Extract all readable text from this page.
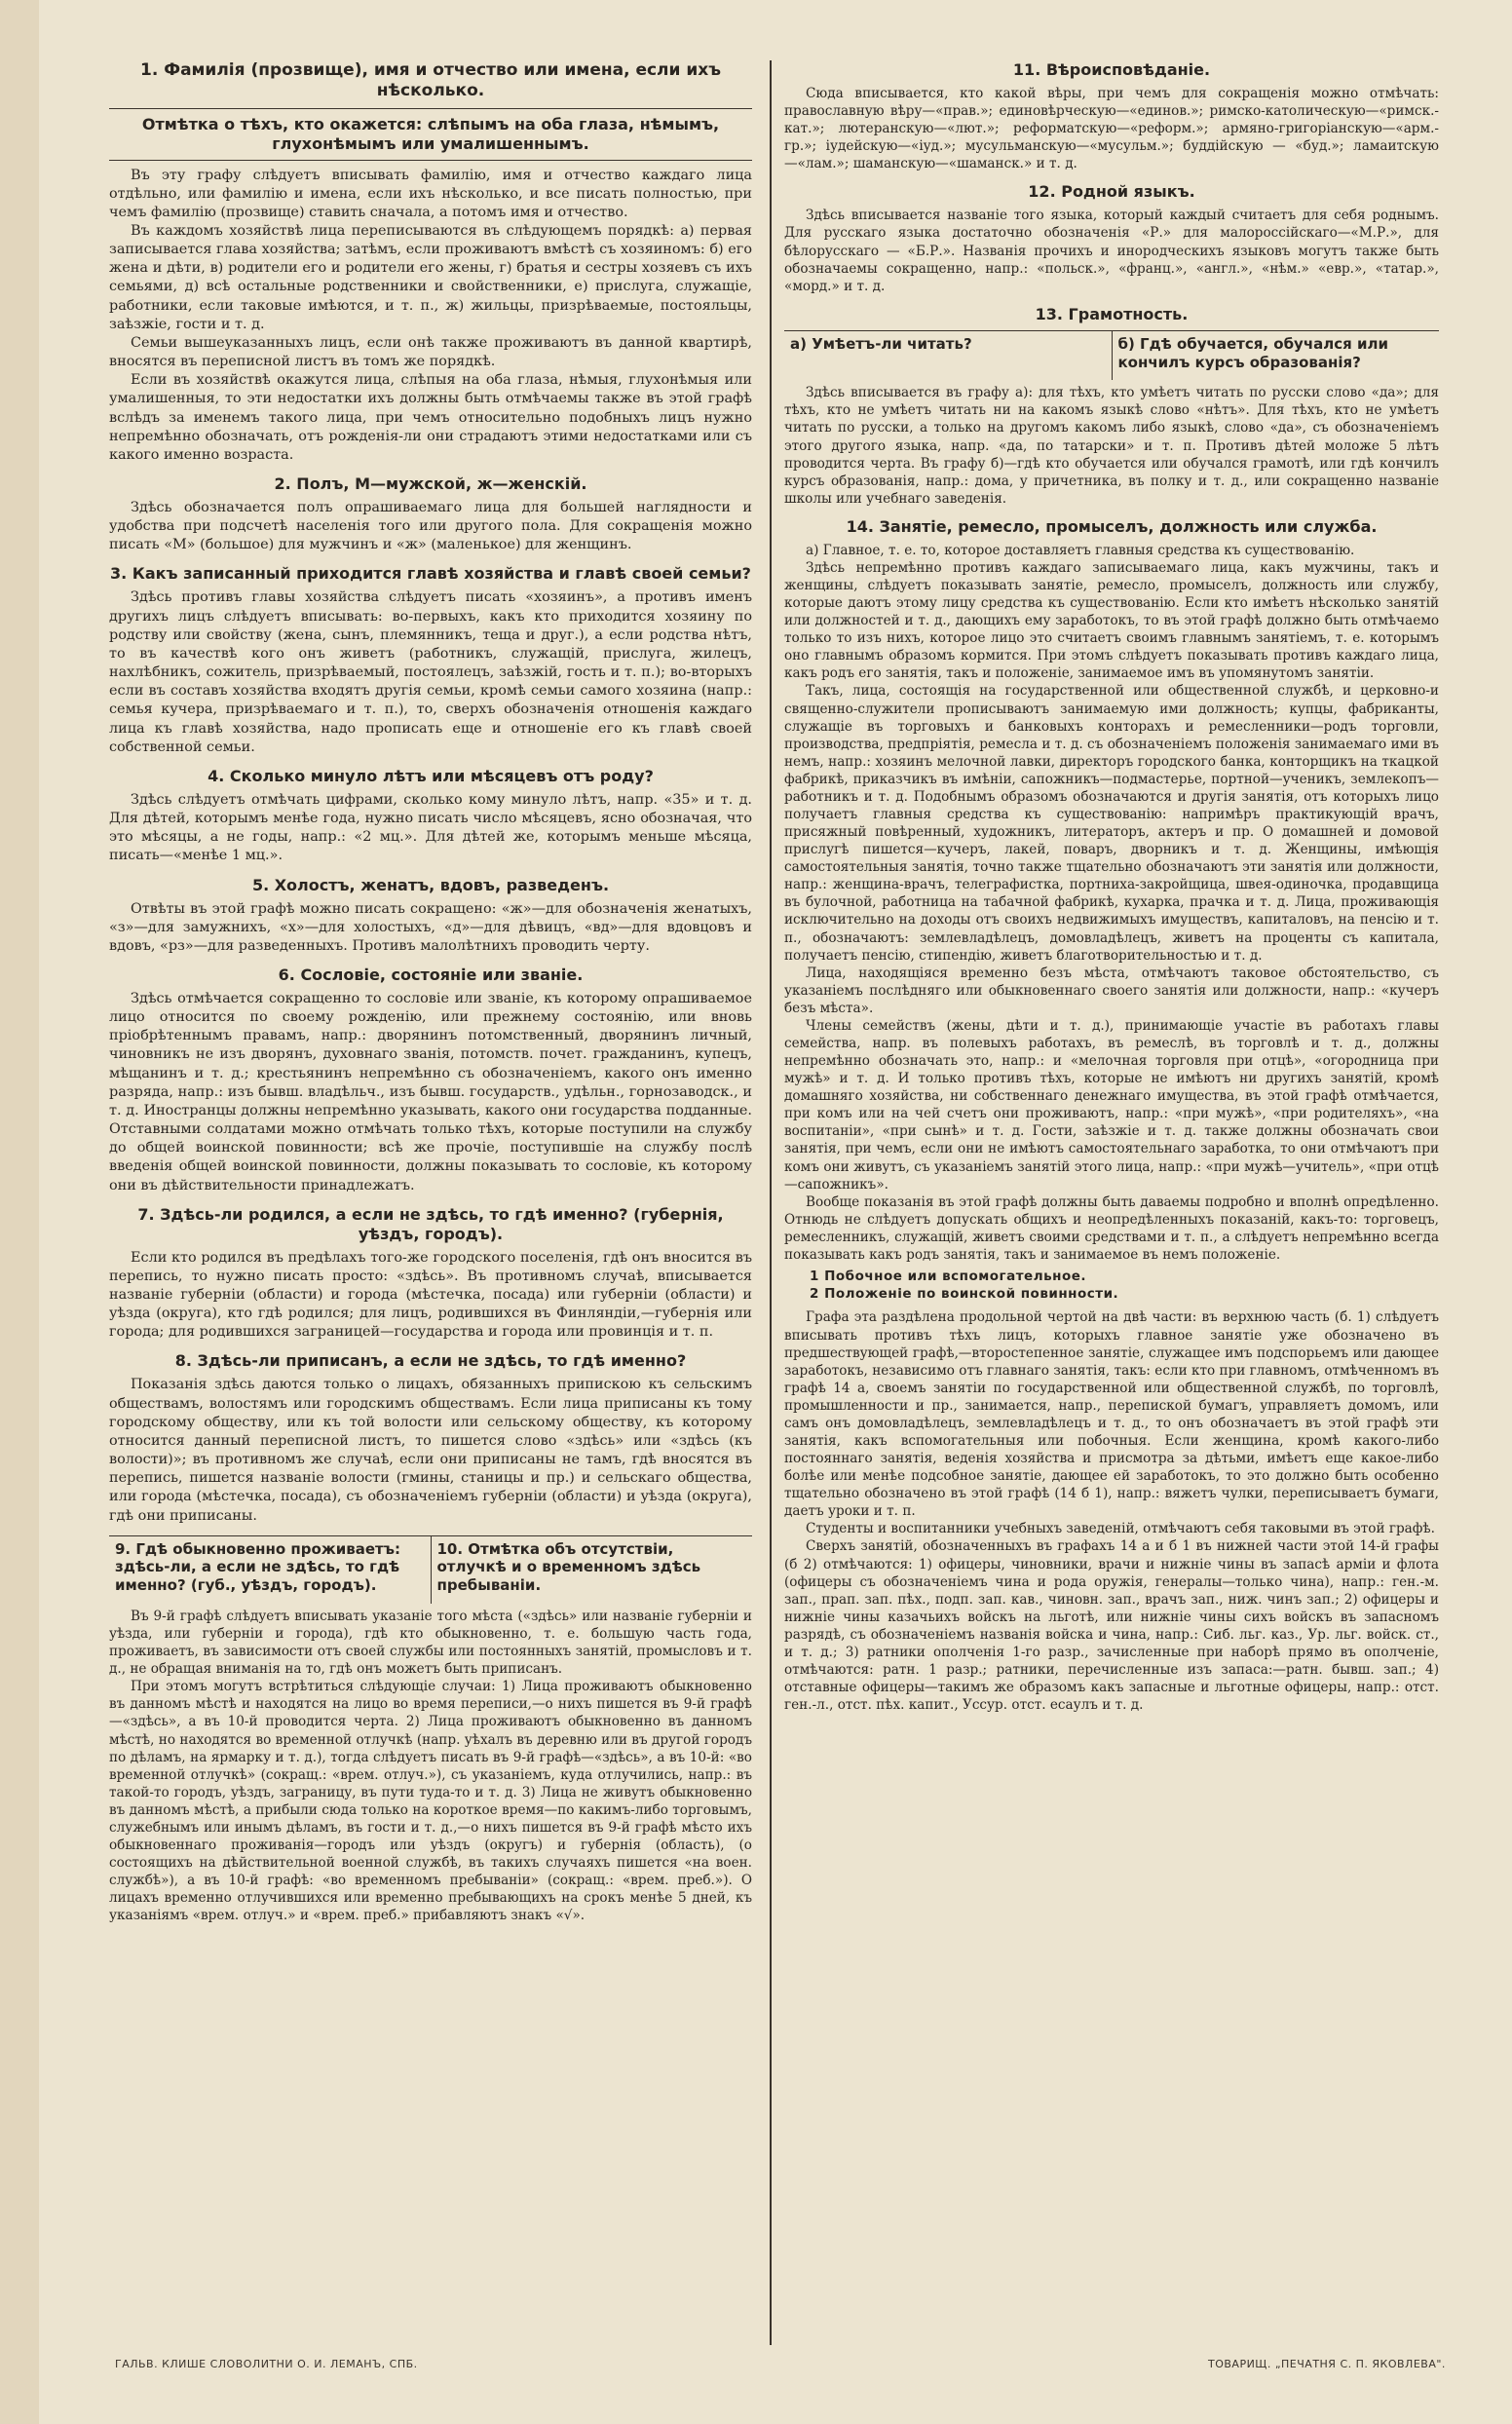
1. Фамилія (прозвище), имя и отчество или имена, если ихъ нѣсколько.
Отмѣтка о тѣхъ, кто окажется: слѣпымъ на оба глаза, нѣмымъ, глухонѣмымъ или умалишеннымъ.

Въ эту графу слѣдуетъ вписывать фамилію, имя и отчество каждаго лица отдѣльно, или фамилію и имена, если ихъ нѣсколько, и все писать полностью, при чемъ фамилію (прозвище) ставить сначала, а потомъ имя и отчество.

Въ каждомъ хозяйствѣ лица переписываются въ слѣдующемъ порядкѣ: а) первая записывается глава хозяйства; затѣмъ, если проживаютъ вмѣстѣ съ хозяиномъ: б) его жена и дѣти, в) родители его и родители его жены, г) братья и сестры хозяевъ съ ихъ семьями, д) всѣ остальные родственники и свойственники, е) прислуга, служащіе, работники, если таковые имѣются, и т. п., ж) жильцы, призрѣваемые, постояльцы, заѣзжіе, гости и т. д.

Семьи вышеуказанныхъ лицъ, если онѣ также проживаютъ въ данной квартирѣ, вносятся въ переписной листъ въ томъ же порядкѣ.

Если въ хозяйствѣ окажутся лица, слѣпыя на оба глаза, нѣмыя, глухонѣмыя или умалишенныя, то эти недостатки ихъ должны быть отмѣчаемы также въ этой графѣ вслѣдъ за именемъ такого лица, при чемъ относительно подобныхъ лицъ нужно непремѣнно обозначать, отъ рожденія-ли они страдаютъ этими недостатками или съ какого именно возраста.

2. Полъ, М—мужской, ж—женскій.

Здѣсь обозначается полъ опрашиваемаго лица для большей наглядности и удобства при подсчетѣ населенія того или другого пола. Для сокращенія можно писать «М» (большое) для мужчинъ и «ж» (маленькое) для женщинъ.

3. Какъ записанный приходится главѣ хозяйства и главѣ своей семьи?

Здѣсь противъ главы хозяйства слѣдуетъ писать «хозяинъ», а противъ именъ другихъ лицъ слѣдуетъ вписывать: во-первыхъ, какъ кто приходится хозяину по родству или свойству (жена, сынъ, племянникъ, теща и друг.), а если родства нѣтъ, то въ качествѣ кого онъ живетъ (работникъ, служащій, прислуга, жилецъ, нахлѣбникъ, сожитель, призрѣваемый, постоялецъ, заѣзжій, гость и т. п.); во-вторыхъ если въ составъ хозяйства входятъ другія семьи, кромѣ семьи самого хозяина (напр.: семья кучера, призрѣваемаго и т. п.), то, сверхъ обозначенія отношенія каждаго лица къ главѣ хозяйства, надо прописать еще и отношеніе его къ главѣ своей собственной семьи.

4. Сколько минуло лѣтъ или мѣсяцевъ отъ роду?

Здѣсь слѣдуетъ отмѣчать цифрами, сколько кому минуло лѣтъ, напр. «35» и т. д. Для дѣтей, которымъ менѣе года, нужно писать число мѣсяцевъ, ясно обозначая, что это мѣсяцы, а не годы, напр.: «2 мц.». Для дѣтей же, которымъ меньше мѣсяца, писать—«менѣе 1 мц.».

5. Холостъ, женатъ, вдовъ, разведенъ.

Отвѣты въ этой графѣ можно писать сокращено: «ж»—для обозначенія женатыхъ, «з»—для замужнихъ, «х»—для холостыхъ, «д»—для дѣвицъ, «вд»—для вдовцовъ и вдовъ, «рз»—для разведенныхъ. Противъ малолѣтнихъ проводить черту.

6. Сословіе, состояніе или званіе.

Здѣсь отмѣчается сокращенно то сословіе или званіе, къ которому опрашиваемое лицо относится по своему рожденію, или прежнему состоянію, или вновь пріобрѣтеннымъ правамъ, напр.: дворянинъ потомственный, дворянинъ личный, чиновникъ не изъ дворянъ, духовнаго званія, потомств. почет. гражданинъ, купецъ, мѣщанинъ и т. д.; крестьянинъ непремѣнно съ обозначеніемъ, какого онъ именно разряда, напр.: изъ бывш. владѣльч., изъ бывш. государств., удѣльн., горнозаводск., и т. д. Иностранцы должны непремѣнно указывать, какого они государства подданные. Отставными солдатами можно отмѣчать только тѣхъ, которые поступили на службу до общей воинской повинности; всѣ же прочіе, поступившіе на службу послѣ введенія общей воинской повинности, должны показывать то сословіе, къ которому они въ дѣйствительности принадлежатъ.

7. Здѣсь-ли родился, а если не здѣсь, то гдѣ именно? (губернія, уѣздъ, городъ).

Если кто родился въ предѣлахъ того-же городского поселенія, гдѣ онъ вносится въ перепись, то нужно писать просто: «здѣсь». Въ противномъ случаѣ, вписывается названіе губерніи (области) и города (мѣстечка, посада) или губерніи (области) и уѣзда (округа), кто гдѣ родился; для лицъ, родившихся въ Финляндіи,—губернія или города; для родившихся заграницей—государства и города или провинція и т. п.

8. Здѣсь-ли приписанъ, а если не здѣсь, то гдѣ именно?

Показанія здѣсь даются только о лицахъ, обязанныхъ припискою къ сельскимъ обществамъ, волостямъ или городскимъ обществамъ. Если лица приписаны къ тому городскому обществу, или къ той волости или сельскому обществу, къ которому относится данный переписной листъ, то пишется слово «здѣсь» или «здѣсь (къ волости)»; въ противномъ же случаѣ, если они приписаны не тамъ, гдѣ вносятся въ перепись, пишется названіе волости (гмины, станицы и пр.) и сельскаго общества, или города (мѣстечка, посада), съ обозначеніемъ губерніи (области) и уѣзда (округа), гдѣ они приписаны.

9. Гдѣ обыкновенно проживаетъ: здѣсь-ли, а если не здѣсь, то гдѣ именно? (губ., уѣздъ, городъ).
10. Отмѣтка объ отсутствіи, отлучкѣ и о временномъ здѣсь пребываніи.

Въ 9-й графѣ слѣдуетъ вписывать указаніе того мѣста («здѣсь» или названіе губерніи и уѣзда, или губерніи и города), гдѣ кто обыкновенно, т. е. большую часть года, проживаетъ, въ зависимости отъ своей службы или постоянныхъ занятій, промысловъ и т. д., не обращая вниманія на то, гдѣ онъ можетъ быть приписанъ.

При этомъ могутъ встрѣтиться слѣдующіе случаи: 1) Лица проживаютъ обыкновенно въ данномъ мѣстѣ и находятся на лицо во время переписи,—о нихъ пишется въ 9-й графѣ—«здѣсь», а въ 10-й проводится черта. 2) Лица проживаютъ обыкновенно въ данномъ мѣстѣ, но находятся во временной отлучкѣ (напр. уѣхалъ въ деревню или въ другой городъ по дѣламъ, на ярмарку и т. д.), тогда слѣдуетъ писать въ 9-й графѣ—«здѣсь», а въ 10-й: «во временной отлучкѣ» (сокращ.: «врем. отлуч.»), съ указаніемъ, куда отлучились, напр.: въ такой-то городъ, уѣздъ, заграницу, въ пути туда-то и т. д. 3) Лица не живутъ обыкновенно въ данномъ мѣстѣ, а прибыли сюда только на короткое время—по какимъ-либо торговымъ, служебнымъ или инымъ дѣламъ, въ гости и т. д.,—о нихъ пишется въ 9-й графѣ мѣсто ихъ обыкновеннаго проживанія—городъ или уѣздъ (округъ) и губернія (область), (о состоящихъ на дѣйствительной военной службѣ, въ такихъ случаяхъ пишется «на воен. службѣ»), а въ 10-й графѣ: «во временномъ пребываніи» (сокращ.: «врем. преб.»). О лицахъ временно отлучившихся или временно пребывающихъ на срокъ менѣе 5 дней, къ указаніямъ «врем. отлуч.» и «врем. преб.» прибавляютъ знакъ «√».

11. Вѣроисповѣданіе.

Сюда вписывается, кто какой вѣры, при чемъ для сокращенія можно отмѣчать: православную вѣру—«прав.»; единовѣрческую—«единов.»; римско-католическую—«римск.-кат.»; лютеранскую—«лют.»; реформатскую—«реформ.»; армяно-григоріанскую—«арм.-гр.»; іудейскую—«іуд.»; мусульманскую—«мусульм.»; буддійскую — «буд.»; ламаитскую—«лам.»; шаманскую—«шаманск.» и т. д.

12. Родной языкъ.

Здѣсь вписывается названіе того языка, который каждый считаетъ для себя роднымъ. Для русскаго языка достаточно обозначенія «Р.» для малороссійскаго—«М.Р.», для бѣлорусскаго — «Б.Р.». Названія прочихъ и инородческихъ языковъ могутъ также быть обозначаемы сокращенно, напр.: «польск.», «франц.», «англ.», «нѣм.» «евр.», «татар.», «морд.» и т. д.

13. Грамотность.
а) Умѣетъ-ли читать?	б) Гдѣ обучается, обучался или кончилъ курсъ образованія?

Здѣсь вписывается въ графу а): для тѣхъ, кто умѣетъ читать по русски слово «да»; для тѣхъ, кто не умѣетъ читать ни на какомъ языкѣ слово «нѣтъ». Для тѣхъ, кто не умѣетъ читать по русски, а только на другомъ какомъ либо языкѣ, слово «да», съ обозначеніемъ этого другого языка, напр. «да, по татарски» и т. п. Противъ дѣтей моложе 5 лѣтъ проводится черта. Въ графу б)—гдѣ кто обучается или обучался грамотѣ, или гдѣ кончилъ курсъ образованія, напр.: дома, у причетника, въ полку и т. д., или сокращенно названіе школы или учебнаго заведенія.

14. Занятіе, ремесло, промыселъ, должность или служба.

а) Главное, т. е. то, которое доставляетъ главныя средства къ существованію.

Здѣсь непремѣнно противъ каждаго записываемаго лица, какъ мужчины, такъ и женщины, слѣдуетъ показывать занятіе, ремесло, промыселъ, должность или службу, которые даютъ этому лицу средства къ существованію. Если кто имѣетъ нѣсколько занятій или должностей и т. д., дающихъ ему заработокъ, то въ этой графѣ должно быть отмѣчаемо только то изъ нихъ, которое лицо это считаетъ своимъ главнымъ занятіемъ, т. е. которымъ оно главнымъ образомъ кормится. При этомъ слѣдуетъ показывать противъ каждаго лица, какъ родъ его занятія, такъ и положеніе, занимаемое имъ въ упомянутомъ занятіи.

Такъ, лица, состоящія на государственной или общественной службѣ, и церковно-и священно-служители прописываютъ занимаемую ими должность; купцы, фабриканты, служащіе въ торговыхъ и банковыхъ конторахъ и ремесленники—родъ торговли, производства, предпріятія, ремесла и т. д. съ обозначеніемъ положенія занимаемаго ими въ немъ, напр.: хозяинъ мелочной лавки, директоръ городского банка, конторщикъ на ткацкой фабрикѣ, приказчикъ въ имѣніи, сапожникъ—подмастерье, портной—ученикъ, землекопъ—работникъ и т. д. Подобнымъ образомъ обозначаются и другія занятія, отъ которыхъ лицо получаетъ главныя средства къ существованію: напримѣръ практикующій врачъ, присяжный повѣренный, художникъ, литераторъ, актеръ и пр. О домашней и домовой прислугѣ пишется—кучеръ, лакей, поваръ, дворникъ и т. д. Женщины, имѣющія самостоятельныя занятія, точно также тщательно обозначаютъ эти занятія или должности, напр.: женщина-врачъ, телеграфистка, портниха-закройщица, швея-одиночка, продавщица въ булочной, работница на табачной фабрикѣ, кухарка, прачка и т. д. Лица, проживающія исключительно на доходы отъ своихъ недвижимыхъ имуществъ, капиталовъ, на пенсію и т. п., обозначаютъ: землевладѣлецъ, домовладѣлецъ, живетъ на проценты съ капитала, получаетъ пенсію, стипендію, живетъ благотворительностью и т. д.

Лица, находящіяся временно безъ мѣста, отмѣчаютъ таковое обстоятельство, съ указаніемъ послѣдняго или обыкновеннаго своего занятія или должности, напр.: «кучеръ безъ мѣста».

Члены семействъ (жены, дѣти и т. д.), принимающіе участіе въ работахъ главы семейства, напр. въ полевыхъ работахъ, въ ремеслѣ, въ торговлѣ и т. д., должны непремѣнно обозначать это, напр.: и «мелочная торговля при отцѣ», «огородница при мужѣ» и т. д. И только противъ тѣхъ, которые не имѣютъ ни другихъ занятій, кромѣ домашняго хозяйства, ни собственнаго денежнаго имущества, въ этой графѣ отмѣчается, при комъ или на чей счетъ они проживаютъ, напр.: «при мужѣ», «при родителяхъ», «на воспитаніи», «при сынѣ» и т. д. Гости, заѣзжіе и т. д. также должны обозначать свои занятія, при чемъ, если они не имѣютъ самостоятельнаго заработка, то они отмѣчаютъ при комъ они живутъ, съ указаніемъ занятій этого лица, напр.: «при мужѣ—учитель», «при отцѣ—сапожникъ».

Вообще показанія въ этой графѣ должны быть даваемы подробно и вполнѣ опредѣленно. Отнюдь не слѣдуетъ допускать общихъ и неопредѣленныхъ показаній, какъ-то: торговецъ, ремесленникъ, служащій, живетъ своими средствами и т. п., а слѣдуетъ непремѣнно всегда показывать какъ родъ занятія, такъ и занимаемое въ немъ положеніе.

1 Побочное или вспомогательное.
2 Положеніе по воинской повинности.

Графа эта раздѣлена продольной чертой на двѣ части: въ верхнюю часть (б. 1) слѣдуетъ вписывать противъ тѣхъ лицъ, которыхъ главное занятіе уже обозначено въ предшествующей графѣ,—второстепенное занятіе, служащее имъ подспорьемъ или дающее заработокъ, независимо отъ главнаго занятія, такъ: если кто при главномъ, отмѣченномъ въ графѣ 14 а, своемъ занятіи по государственной или общественной службѣ, по торговлѣ, промышленности и пр., занимается, напр., перепиской бумагъ, управляетъ домомъ, или самъ онъ домовладѣлецъ, землевладѣлецъ и т. д., то онъ обозначаетъ въ этой графѣ эти занятія, какъ вспомогательныя или побочныя. Если женщина, кромѣ какого-либо постояннаго занятія, веденія хозяйства и присмотра за дѣтьми, имѣетъ еще какое-либо болѣе или менѣе подсобное занятіе, дающее ей заработокъ, то это должно быть особенно тщательно обозначено въ этой графѣ (14 б 1), напр.: вяжетъ чулки, переписываетъ бумаги, даетъ уроки и т. п.

Студенты и воспитанники учебныхъ заведеній, отмѣчаютъ себя таковыми въ этой графѣ.

Сверхъ занятій, обозначенныхъ въ графахъ 14 а и б 1 въ нижней части этой 14-й графы (б 2) отмѣчаются: 1) офицеры, чиновники, врачи и нижніе чины въ запасѣ арміи и флота (офицеры съ обозначеніемъ чина и рода оружія, генералы—только чина), напр.: ген.-м. зап., прап. зап. пѣх., подп. зап. кав., чиновн. зап., врачъ зап., ниж. чинъ зап.; 2) офицеры и нижніе чины казачьихъ войскъ на льготѣ, или нижніе чины сихъ войскъ въ запасномъ разрядѣ, съ обозначеніемъ названія войска и чина, напр.: Сиб. льг. каз., Ур. льг. войск. ст., и т. д.; 3) ратники ополченія 1-го разр., зачисленные при наборѣ прямо въ ополченіе, отмѣчаются: ратн. 1 разр.; ратники, перечисленные изъ запаса:—ратн. бывш. зап.; 4) отставные офицеры—такимъ же образомъ какъ запасные и льготные офицеры, напр.: отст. ген.-л., отст. пѣх. капит., Уссур. отст. есаулъ и т. д.

ГАЛЬВ. КЛИШЕ СЛОВОЛИТНИ О. И. ЛЕМАНЪ, СПБ.	ТОВАРИЩ. „ПЕЧАТНЯ С. П. ЯКОВЛЕВА".
